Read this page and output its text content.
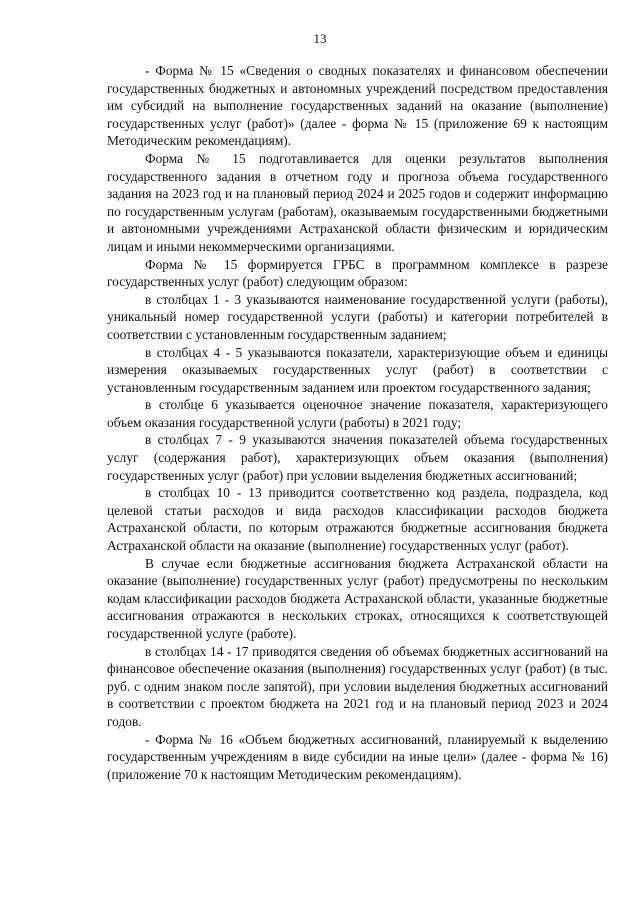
13

- Форма № 15 «Сведения о сводных показателях и финансовом обеспечении государственных бюджетных и автономных учреждений посредством предоставления им субсидий на выполнение государственных заданий на оказание (выполнение) государственных услуг (работ)» (далее - форма № 15 (приложение 69 к настоящим Методическим рекомендациям).

Форма № 15 подготавливается для оценки результатов выполнения государственного задания в отчетном году и прогноза объема государственного задания на 2023 год и на плановый период 2024 и 2025 годов и содержит информацию по государственным услугам (работам), оказываемым государственными бюджетными и автономными учреждениями Астраханской области физическим и юридическим лицам и иными некоммерческими организациями.

Форма № 15 формируется ГРБС в программном комплексе в разрезе государственных услуг (работ) следующим образом:

в столбцах 1 - 3 указываются наименование государственной услуги (работы), уникальный номер государственной услуги (работы) и категории потребителей в соответствии с установленным государственным заданием;

в столбцах 4 - 5 указываются показатели, характеризующие объем и единицы измерения оказываемых государственных услуг (работ) в соответствии с установленным государственным заданием или проектом государственного задания;

в столбце 6 указывается оценочное значение показателя, характеризующего объем оказания государственной услуги (работы) в 2021 году;

в столбцах 7 - 9 указываются значения показателей объема государственных услуг (содержания работ), характеризующих объем оказания (выполнения) государственных услуг (работ) при условии выделения бюджетных ассигнований;

в столбцах 10 - 13 приводится соответственно код раздела, подраздела, код целевой статьи расходов и вида расходов классификации расходов бюджета Астраханской области, по которым отражаются бюджетные ассигнования бюджета Астраханской области на оказание (выполнение) государственных услуг (работ).

В случае если бюджетные ассигнования бюджета Астраханской области на оказание (выполнение) государственных услуг (работ) предусмотрены по нескольким кодам классификации расходов бюджета Астраханской области, указанные бюджетные ассигнования отражаются в нескольких строках, относящихся к соответствующей государственной услуге (работе).

в столбцах 14 - 17 приводятся сведения об объемах бюджетных ассигнований на финансовое обеспечение оказания (выполнения) государственных услуг (работ) (в тыс. руб. с одним знаком после запятой), при условии выделения бюджетных ассигнований в соответствии с проектом бюджета на 2021 год и на плановый период 2023 и 2024 годов.

- Форма № 16 «Объем бюджетных ассигнований, планируемый к выделению государственным учреждениям в виде субсидии на иные цели» (далее - форма № 16) (приложение 70 к настоящим Методическим рекомендациям).
